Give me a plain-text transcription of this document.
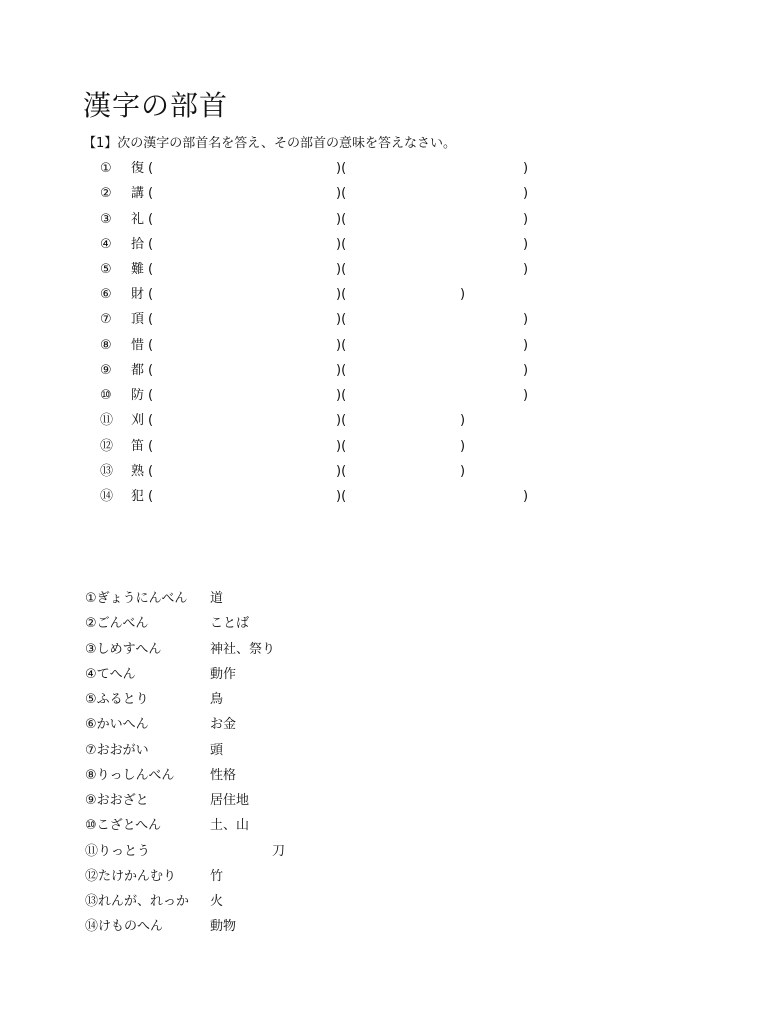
漢字の部首
【1】次の漢字の部首名を答え、その部首の意味を答えなさい。
① 復 (	)(	)
② 講 (	)(	)
③ 礼 (	)(	)
④ 拾 (	)(	)
⑤ 難 (	)(	)
⑥ 財 (	)(	)
⑦ 頂 (	)(	)
⑧ 惜 (	)(	)
⑨ 都 (	)(	)
⑩ 防 (	)(	)
⑪ 刈 (	)(	)
⑫ 笛 (	)(	)
⑬ 熟 (	)(	)
⑭ 犯 (	)(	)
①ぎょうにんべん 道
②ごんべん	ことば
③しめすへん	神社、祭り
④てへん	動作
⑤ふるとり	鳥
⑥かいへん	お金
⑦おおがい	頭
⑧りっしんべん	性格
⑨おおざと	居住地
⑩こざとへん	土、山
⑪りっとう	刀
⑫たけかんむり	竹
⑬れんが、れっか 火
⑭けものへん	動物
